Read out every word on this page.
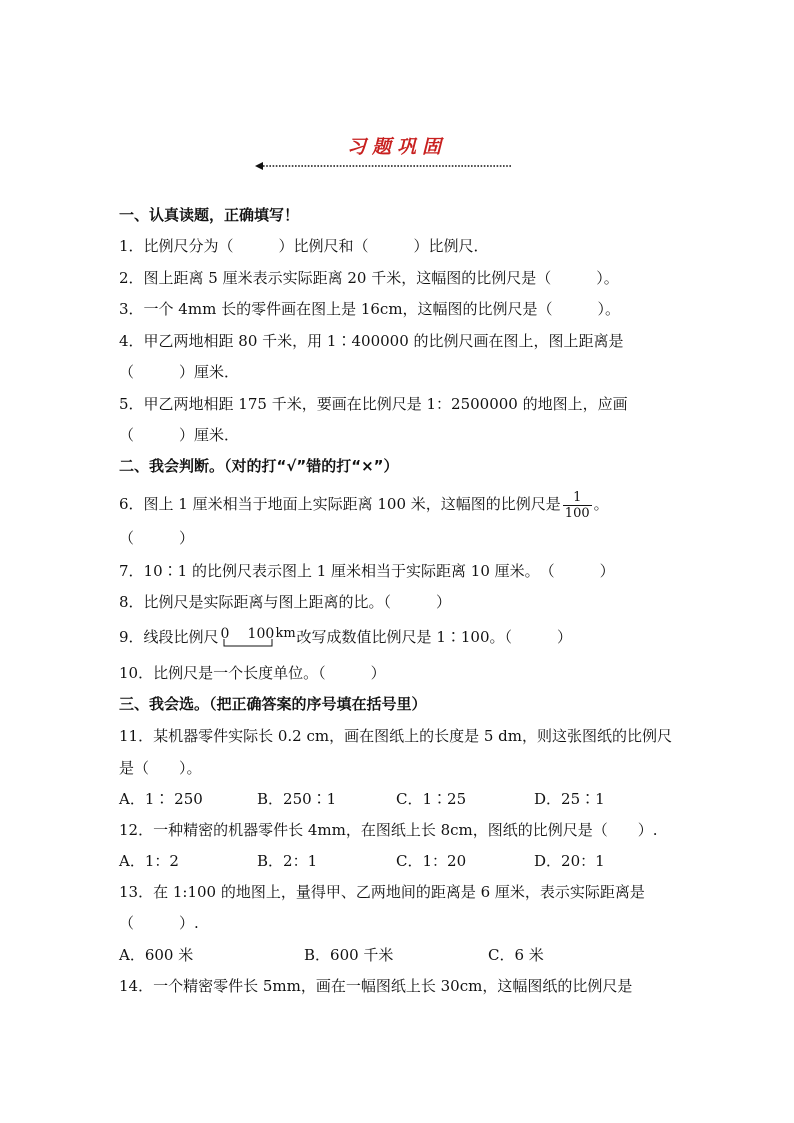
习题巩固
一、认真读题，正确填写！
1．比例尺分为（　　　）比例尺和（　　　）比例尺．
2．图上距离 5 厘米表示实际距离 20 千米，这幅图的比例尺是（　　　）。
3．一个 4mm 长的零件画在图上是 16cm，这幅图的比例尺是（　　　）。
4．甲乙两地相距 80 千米，用 1∶400000 的比例尺画在图上，图上距离是
（　　　）厘米．
5．甲乙两地相距 175 千米，要画在比例尺是 1：2500000 的地图上，应画
（　　　）厘米．
二、我会判断。（对的打“√”错的打“×”）
6．图上 1 厘米相当于地面上实际距离 100 米，这幅图的比例尺是 $\frac{1}{100}$ 。
（　　　）
7．10∶1 的比例尺表示图上 1 厘米相当于实际距离 10 厘米。　（　　　）
8．比例尺是实际距离与图上距离的比。（　　　）
9．线段比例尺 0 100 km 改写成数值比例尺是 1∶100。（　　　）
10．比例尺是一个长度单位。（　　　）
三、我会选。（把正确答案的序号填在括号里）
11．某机器零件实际长 0.2 cm，画在图纸上的长度是 5 dm，则这张图纸的比例尺
是（　　）。
A．1∶ 250	B．250∶1	C．1∶25	D．25∶1
12．一种精密的机器零件长 4mm，在图纸上长 8cm，图纸的比例尺是（　　）.
A．1：2	B．2：1	C．1：20	D．20：1
13．在 1:100 的地图上，量得甲、乙两地间的距离是 6 厘米，表示实际距离是
（　　　）.
A．600 米	B．600 千米	C．6 米
14．一个精密零件长 5mm，画在一幅图纸上长 30cm，这幅图纸的比例尺是
